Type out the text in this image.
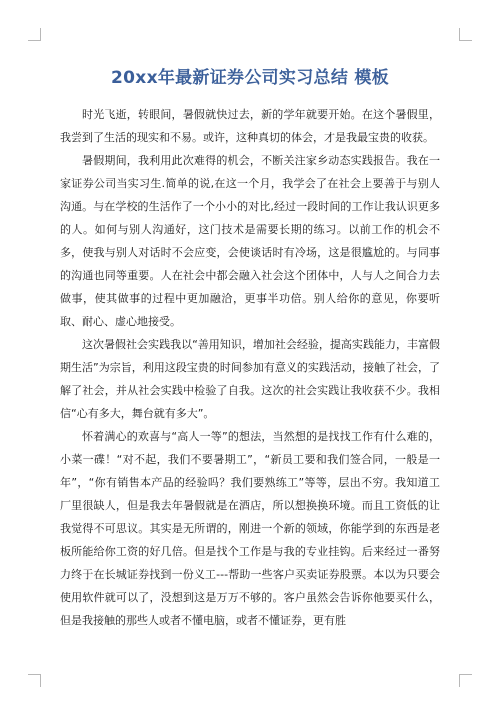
20xx年最新证券公司实习总结 模板

时光飞逝，转眼间，暑假就快过去，新的学年就要开始。在这个暑假里，我尝到了生活的现实和不易。或许，这种真切的体会，才是我最宝贵的收获。

暑假期间，我利用此次难得的机会，不断关注家乡动态实践报告。我在一家证券公司当实习生.简单的说,在这一个月，我学会了在社会上要善于与别人沟通。与在学校的生活作了一个小小的对比,经过一段时间的工作让我认识更多的人。如何与别人沟通好，这门技术是需要长期的练习。以前工作的机会不多，使我与别人对话时不会应变，会使谈话时有冷场，这是很尴尬的。与同事的沟通也同等重要。人在社会中都会融入社会这个团体中，人与人之间合力去做事，使其做事的过程中更加融洽，更事半功倍。别人给你的意见，你要听取、耐心、虚心地接受。

这次暑假社会实践我以“善用知识，增加社会经验，提高实践能力，丰富假期生活”为宗旨，利用这段宝贵的时间参加有意义的实践活动，接触了社会，了解了社会，并从社会实践中检验了自我。这次的社会实践让我收获不少。我相信“心有多大，舞台就有多大”。

怀着满心的欢喜与“高人一等”的想法，当然想的是找找工作有什么难的，小菜一碟！“对不起，我们不要暑期工”，“新员工要和我们签合同，一般是一年”，“你有销售本产品的经验吗？我们要熟练工”等等，层出不穷。我知道工厂里很缺人，但是我去年暑假就是在酒店，所以想换换环境。而且工资低的让我觉得不可思议。其实是无所谓的，刚进一个新的领域，你能学到的东西是老板所能给你工资的好几倍。但是找个工作是与我的专业挂钩。后来经过一番努力终于在长城证券找到一份义工---帮助一些客户买卖证券股票。本以为只要会使用软件就可以了，没想到这是万万不够的。客户虽然会告诉你他要买什么，但是我接触的那些人或者不懂电脑，或者不懂证券，更有胜
